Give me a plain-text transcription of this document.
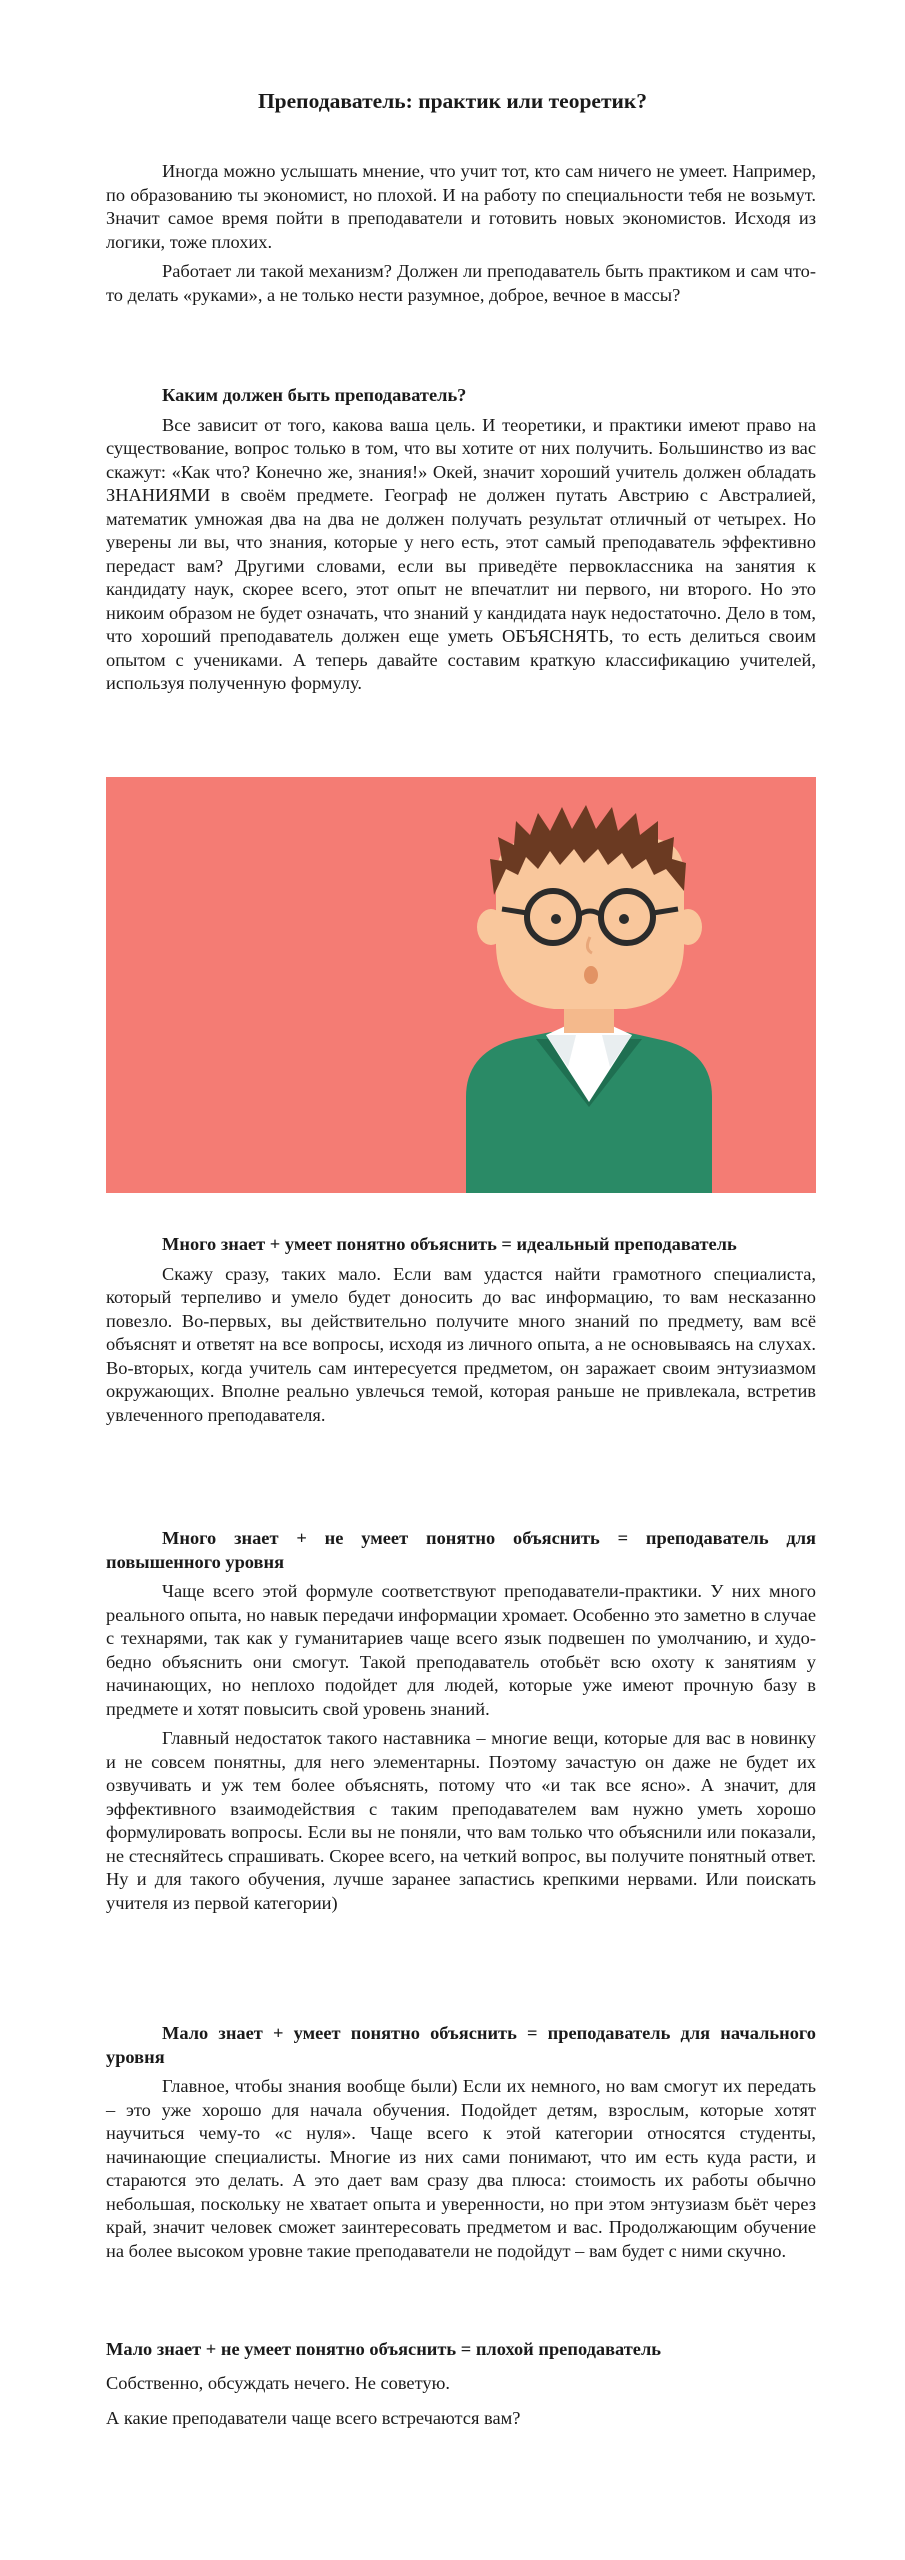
Преподаватель: практик или теоретик?

Иногда можно услышать мнение, что учит тот, кто сам ничего не умеет. Например, по образованию ты экономист, но плохой. И на работу по специальности тебя не возьмут. Значит самое время пойти в преподаватели и готовить новых экономистов. Исходя из логики, тоже плохих.

Работает ли такой механизм? Должен ли преподаватель быть практиком и сам что-то делать «руками», а не только нести разумное, доброе, вечное в массы?

Каким должен быть преподаватель?

Все зависит от того, какова ваша цель. И теоретики, и практики имеют право на существование, вопрос только в том, что вы хотите от них получить. Большинство из вас скажут: «Как что? Конечно же, знания!» Окей, значит хороший учитель должен обладать ЗНАНИЯМИ в своём предмете. Географ не должен путать Австрию с Австралией, математик умножая два на два не должен получать результат отличный от четырех. Но уверены ли вы, что знания, которые у него есть, этот самый преподаватель эффективно передаст вам? Другими словами, если вы приведёте первоклассника на занятия к кандидату наук, скорее всего, этот опыт не впечатлит ни первого, ни второго. Но это никоим образом не будет означать, что знаний у кандидата наук недостаточно. Дело в том, что хороший преподаватель должен еще уметь ОБЪЯСНЯТЬ, то есть делиться своим опытом с учениками. А теперь давайте составим краткую классификацию учителей, используя полученную формулу.

Много знает + умеет понятно объяснить = идеальный преподаватель

Скажу сразу, таких мало. Если вам удастся найти грамотного специалиста, который терпеливо и умело будет доносить до вас информацию, то вам несказанно повезло. Во-первых, вы действительно получите много знаний по предмету, вам всё объяснят и ответят на все вопросы, исходя из личного опыта, а не основываясь на слухах. Во-вторых, когда учитель сам интересуется предметом, он заражает своим энтузиазмом окружающих. Вполне реально увлечься темой, которая раньше не привлекала, встретив увлеченного преподавателя.

Много знает + не умеет понятно объяснить = преподаватель для повышенного уровня

Чаще всего этой формуле соответствуют преподаватели-практики. У них много реального опыта, но навык передачи информации хромает. Особенно это заметно в случае с технарями, так как у гуманитариев чаще всего язык подвешен по умолчанию, и худо-бедно объяснить они смогут. Такой преподаватель отобьёт всю охоту к занятиям у начинающих, но неплохо подойдет для людей, которые уже имеют прочную базу в предмете и хотят повысить свой уровень знаний.

Главный недостаток такого наставника – многие вещи, которые для вас в новинку и не совсем понятны, для него элементарны. Поэтому зачастую он даже не будет их озвучивать и уж тем более объяснять, потому что «и так все ясно». А значит, для эффективного взаимодействия с таким преподавателем вам нужно уметь хорошо формулировать вопросы. Если вы не поняли, что вам только что объяснили или показали, не стесняйтесь спрашивать. Скорее всего, на четкий вопрос, вы получите понятный ответ. Ну и для такого обучения, лучше заранее запастись крепкими нервами. Или поискать учителя из первой категории)

Мало знает + умеет понятно объяснить = преподаватель для начального уровня

Главное, чтобы знания вообще были) Если их немного, но вам смогут их передать – это уже хорошо для начала обучения. Подойдет детям, взрослым, которые хотят научиться чему-то «с нуля». Чаще всего к этой категории относятся студенты, начинающие специалисты. Многие из них сами понимают, что им есть куда расти, и стараются это делать. А это дает вам сразу два плюса: стоимость их работы обычно небольшая, поскольку не хватает опыта и уверенности, но при этом энтузиазм бьёт через край, значит человек сможет заинтересовать предметом и вас. Продолжающим обучение на более высоком уровне такие преподаватели не подойдут – вам будет с ними скучно.

Мало знает + не умеет понятно объяснить = плохой преподаватель

Собственно, обсуждать нечего. Не советую.

А какие преподаватели чаще всего встречаются вам?
